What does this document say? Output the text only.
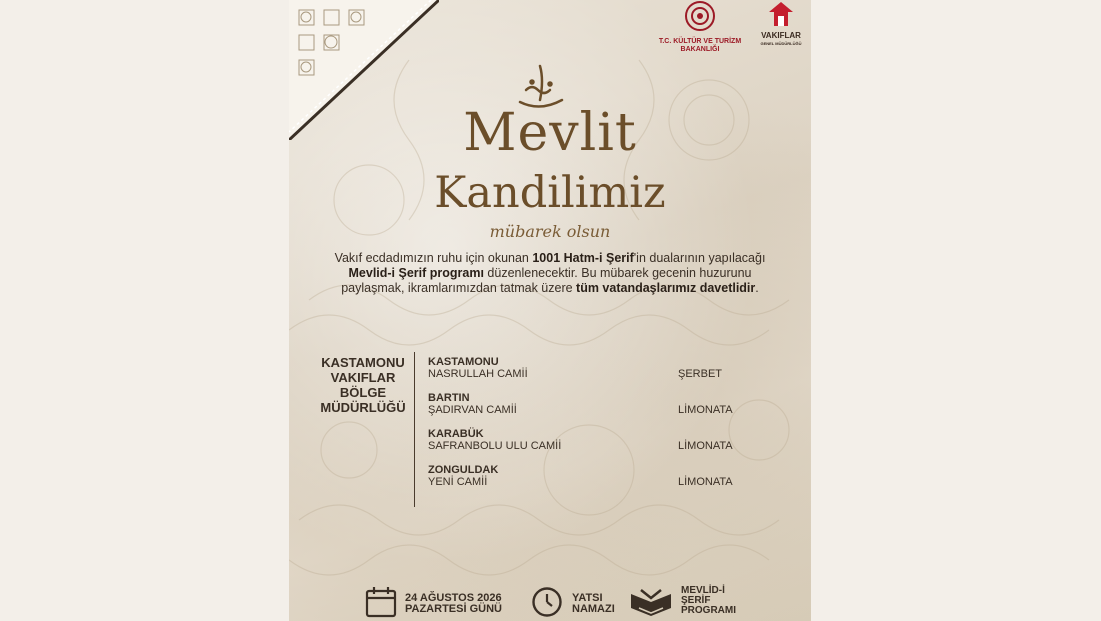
T.C. KÜLTÜR VE TURİZM BAKANLIĞI
VAKIFLAR
GENEL MÜDÜRLÜĞÜ
Mevlit
Kandilimiz
mübarek olsun
Vakıf ecdadımızın ruhu için okunan 1001 Hatm-i Şerif'in dualarının yapılacağı Mevlid-i Şerif programı düzenlenecektir. Bu mübarek gecenin huzurunu paylaşmak, ikramlarımızdan tatmak üzere tüm vatandaşlarımız davetlidir.
KASTAMONU
VAKIFLAR
BÖLGE
MÜDÜRLÜĞÜ
KASTAMONU
NASRULLAH CAMİİ	ŞERBET
BARTIN
ŞADIRVAN CAMİİ	LİMONATA
KARABÜK
SAFRANBOLU ULU CAMİİ	LİMONATA
ZONGULDAK
YENİ CAMİİ	LİMONATA
24 AĞUSTOS 2026
PAZARTESİ GÜNÜ
YATSI
NAMAZI
MEVLİD-İ
ŞERİF
PROGRAMI
